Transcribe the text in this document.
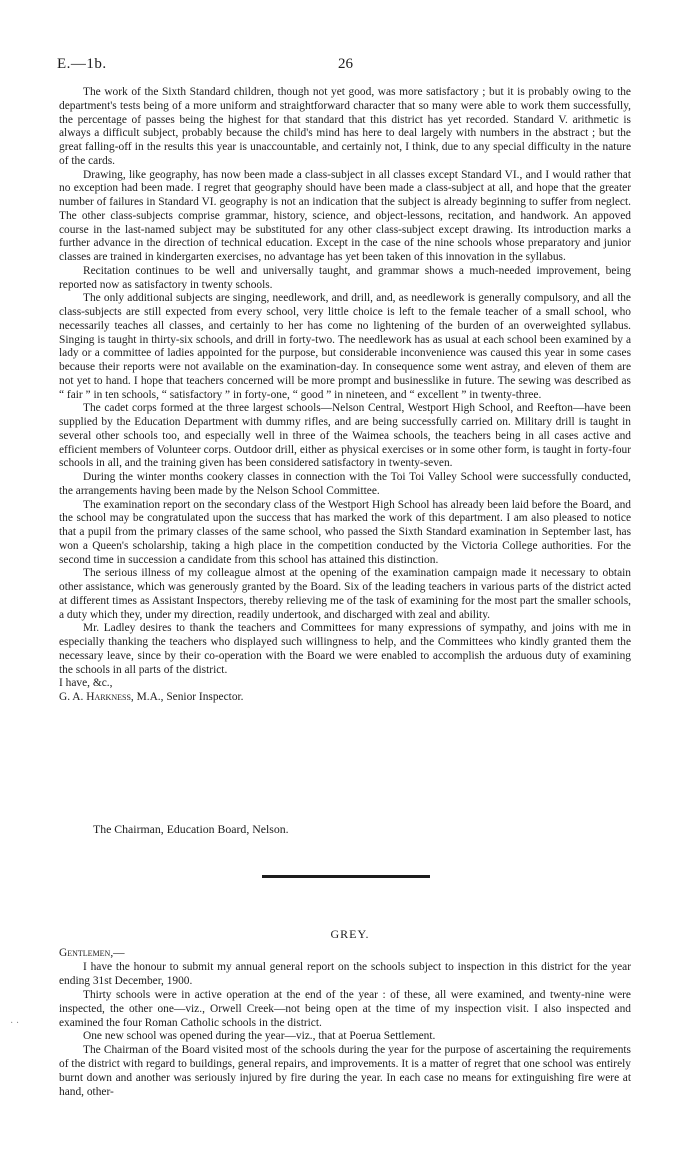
E.—1b.	26

The work of the Sixth Standard children, though not yet good, was more satisfactory ; but it is probably owing to the department's tests being of a more uniform and straightforward character that so many were able to work them successfully, the percentage of passes being the highest for that standard that this district has yet recorded. Standard V. arithmetic is always a difficult subject, probably because the child's mind has here to deal largely with numbers in the abstract ; but the great falling-off in the results this year is unaccountable, and certainly not, I think, due to any special difficulty in the nature of the cards.

Drawing, like geography, has now been made a class-subject in all classes except Standard VI., and I would rather that no exception had been made. I regret that geography should have been made a class-subject at all, and hope that the greater number of failures in Standard VI. geography is not an indication that the subject is already beginning to suffer from neglect. The other class-subjects comprise grammar, history, science, and object-lessons, recitation, and handwork. An appoved course in the last-named subject may be substituted for any other class-subject except drawing. Its introduction marks a further advance in the direction of technical education. Except in the case of the nine schools whose preparatory and junior classes are trained in kindergarten exercises, no advantage has yet been taken of this innovation in the syllabus.

Recitation continues to be well and universally taught, and grammar shows a much-needed improvement, being reported now as satisfactory in twenty schools.

The only additional subjects are singing, needlework, and drill, and, as needlework is generally compulsory, and all the class-subjects are still expected from every school, very little choice is left to the female teacher of a small school, who necessarily teaches all classes, and certainly to her has come no lightening of the burden of an overweighted syllabus. Singing is taught in thirty-six schools, and drill in forty-two. The needlework has as usual at each school been examined by a lady or a committee of ladies appointed for the purpose, but considerable inconvenience was caused this year in some cases because their reports were not available on the examination-day. In consequence some went astray, and eleven of them are not yet to hand. I hope that teachers concerned will be more prompt and businesslike in future. The sewing was described as “ fair ” in ten schools, “ satisfactory ” in forty-one, “ good ” in nineteen, and “ excellent ” in twenty-three.

The cadet corps formed at the three largest schools—Nelson Central, Westport High School, and Reefton—have been supplied by the Education Department with dummy rifles, and are being successfully carried on. Military drill is taught in several other schools too, and especially well in three of the Waimea schools, the teachers being in all cases active and efficient members of Volunteer corps. Outdoor drill, either as physical exercises or in some other form, is taught in forty-four schools in all, and the training given has been considered satisfactory in twenty-seven.

During the winter months cookery classes in connection with the Toi Toi Valley School were successfully conducted, the arrangements having been made by the Nelson School Committee.

The examination report on the secondary class of the Westport High School has already been laid before the Board, and the school may be congratulated upon the success that has marked the work of this department. I am also pleased to notice that a pupil from the primary classes of the same school, who passed the Sixth Standard examination in September last, has won a Queen's scholarship, taking a high place in the competition conducted by the Victoria College authorities. For the second time in succession a candidate from this school has attained this distinction.

The serious illness of my colleague almost at the opening of the examination campaign made it necessary to obtain other assistance, which was generously granted by the Board. Six of the leading teachers in various parts of the district acted at different times as Assistant Inspectors, thereby relieving me of the task of examining for the most part the smaller schools, a duty which they, under my direction, readily undertook, and discharged with zeal and ability.

Mr. Ladley desires to thank the teachers and Committees for many expressions of sympathy, and joins with me in especially thanking the teachers who displayed such willingness to help, and the Committees who kindly granted them the necessary leave, since by their co-operation with the Board we were enabled to accomplish the arduous duty of examining the schools in all parts of the district.

I have, &c.,

G. A. Harkness, M.A., Senior Inspector.

The Chairman, Education Board, Nelson.
GREY.

Gentlemen,—

I have the honour to submit my annual general report on the schools subject to inspection in this district for the year ending 31st December, 1900.

Thirty schools were in active operation at the end of the year : of these, all were examined, and twenty-nine were inspected, the other one—viz., Orwell Creek—not being open at the time of my inspection visit. I also inspected and examined the four Roman Catholic schools in the district.

One new school was opened during the year—viz., that at Poerua Settlement.

The Chairman of the Board visited most of the schools during the year for the purpose of ascertaining the requirements of the district with regard to buildings, general repairs, and improvements. It is a matter of regret that one school was entirely burnt down and another was seriously injured by fire during the year. In each case no means for extinguishing fire were at hand, other-

· ·
